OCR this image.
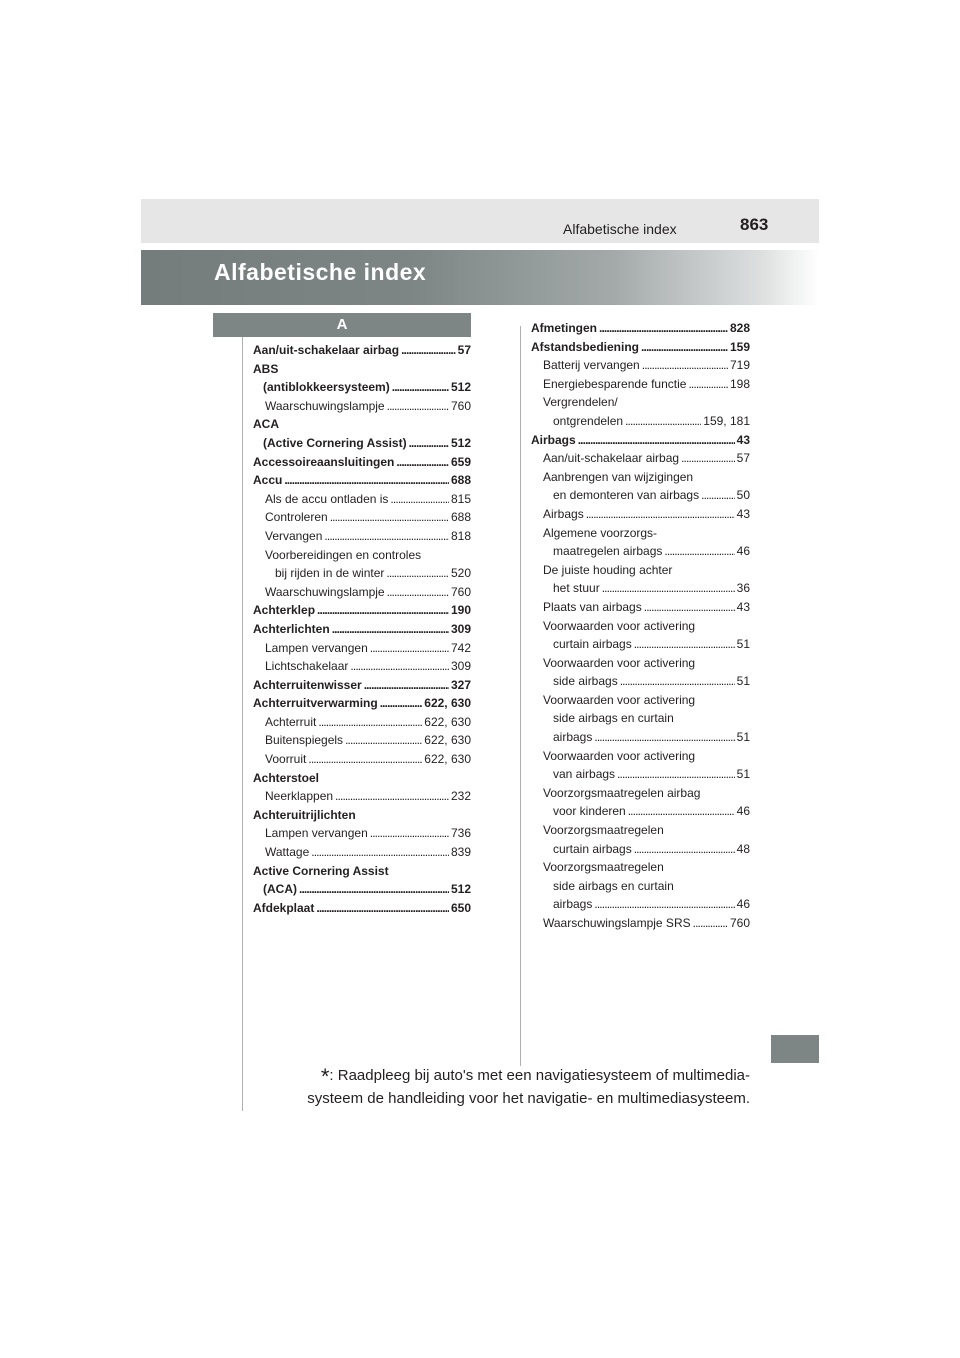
Alfabetische index	863
Alfabetische index
A
Aan/uit-schakelaar airbag . . .	57
ABS
(antiblokkeersysteem) . . .	512
Waarschuwingslampje . . .	760
ACA
(Active Cornering Assist) . . .	512
Accessoireaansluitingen . . .	659
Accu . . .	688
Als de accu ontladen is . . .	815
Controleren . . .	688
Vervangen . . .	818
Voorbereidingen en controles
bij rijden in de winter . . .	520
Waarschuwingslampje . . .	760
Achterklep . . .	190
Achterlichten . . .	309
Lampen vervangen . . .	742
Lichtschakelaar . . .	309
Achterruitenwisser . . .	327
Achterruitverwarming . . .	622, 630
Achterruit . . .	622, 630
Buitenspiegels . . .	622, 630
Voorruit . . .	622, 630
Achterstoel
Neerklappen . . .	232
Achteruitrijlichten
Lampen vervangen . . .	736
Wattage . . .	839
Active Cornering Assist
(ACA) . . .	512
Afdekplaat . . .	650
Afmetingen . . .	828
Afstandsbediening . . .	159
Batterij vervangen . . .	719
Energiebesparende functie . . .	198
Vergrendelen/
ontgrendelen . . .	159, 181
Airbags . . .	43
Aan/uit-schakelaar airbag . . .	57
Aanbrengen van wijzigingen
en demonteren van airbags . . .	50
Airbags . . .	43
Algemene voorzorgs-
maatregelen airbags . . .	46
De juiste houding achter
het stuur . . .	36
Plaats van airbags . . .	43
Voorwaarden voor activering
curtain airbags . . .	51
Voorwaarden voor activering
side airbags . . .	51
Voorwaarden voor activering
side airbags en curtain
airbags . . .	51
Voorwaarden voor activering
van airbags . . .	51
Voorzorgsmaatregelen airbag
voor kinderen . . .	46
Voorzorgsmaatregelen
curtain airbags . . .	48
Voorzorgsmaatregelen
side airbags en curtain
airbags . . .	46
Waarschuwingslampje SRS . . .	760
*: Raadpleeg bij auto's met een navigatiesysteem of multimedia-
systeem de handleiding voor het navigatie- en multimediasysteem.
